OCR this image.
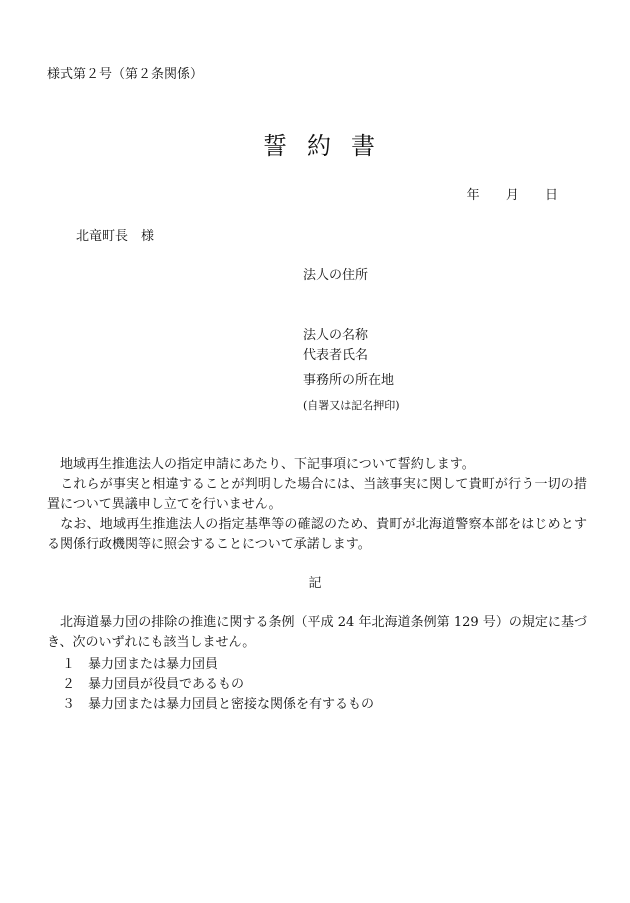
様式第２号（第２条関係）
誓約書
年 月 日
北竜町長　様
法人の住所
法人の名称
代表者氏名
事務所の所在地
(自署又は記名押印)
　地域再生推進法人の指定申請にあたり、下記事項について誓約します。
　これらが事実と相違することが判明した場合には、当該事実に関して貴町が行う一切の措置について異議申し立てを行いません。
　なお、地域再生推進法人の指定基準等の確認のため、貴町が北海道警察本部をはじめとする関係行政機関等に照会することについて承諾します。
記
　北海道暴力団の排除の推進に関する条例（平成 24 年北海道条例第 129 号）の規定に基づき、次のいずれにも該当しません。
１ 暴力団または暴力団員
２ 暴力団員が役員であるもの
３ 暴力団または暴力団員と密接な関係を有するもの
